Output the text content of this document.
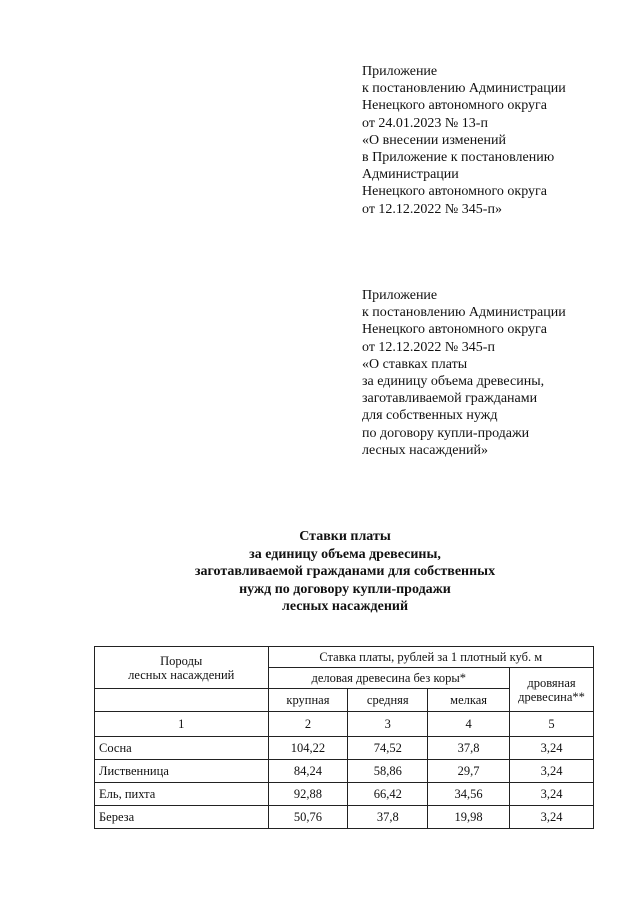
Приложение
к постановлению Администрации
Ненецкого автономного округа
от 24.01.2023 № 13-п
«О внесении изменений
в Приложение к постановлению
Администрации
Ненецкого автономного округа
от 12.12.2022 № 345-п»
Приложение
к постановлению Администрации
Ненецкого автономного округа
от 12.12.2022 № 345-п
«О ставках платы
за единицу объема древесины,
заготавливаемой гражданами
для собственных нужд
по договору купли-продажи
лесных насаждений»
Ставки платы
за единицу объема древесины,
заготавливаемой гражданами для собственных
нужд по договору купли-продажи
лесных насаждений
Породы
лесных насаждений	Ставка платы, рублей за 1 плотный куб. м			
	деловая древесина без коры*			дровяная
древесина**
	крупная	средняя	мелкая	
1	2	3	4	5
Сосна	104,22	74,52	37,8	3,24
Лиственница	84,24	58,86	29,7	3,24
Ель, пихта	92,88	66,42	34,56	3,24
Береза	50,76	37,8	19,98	3,24
